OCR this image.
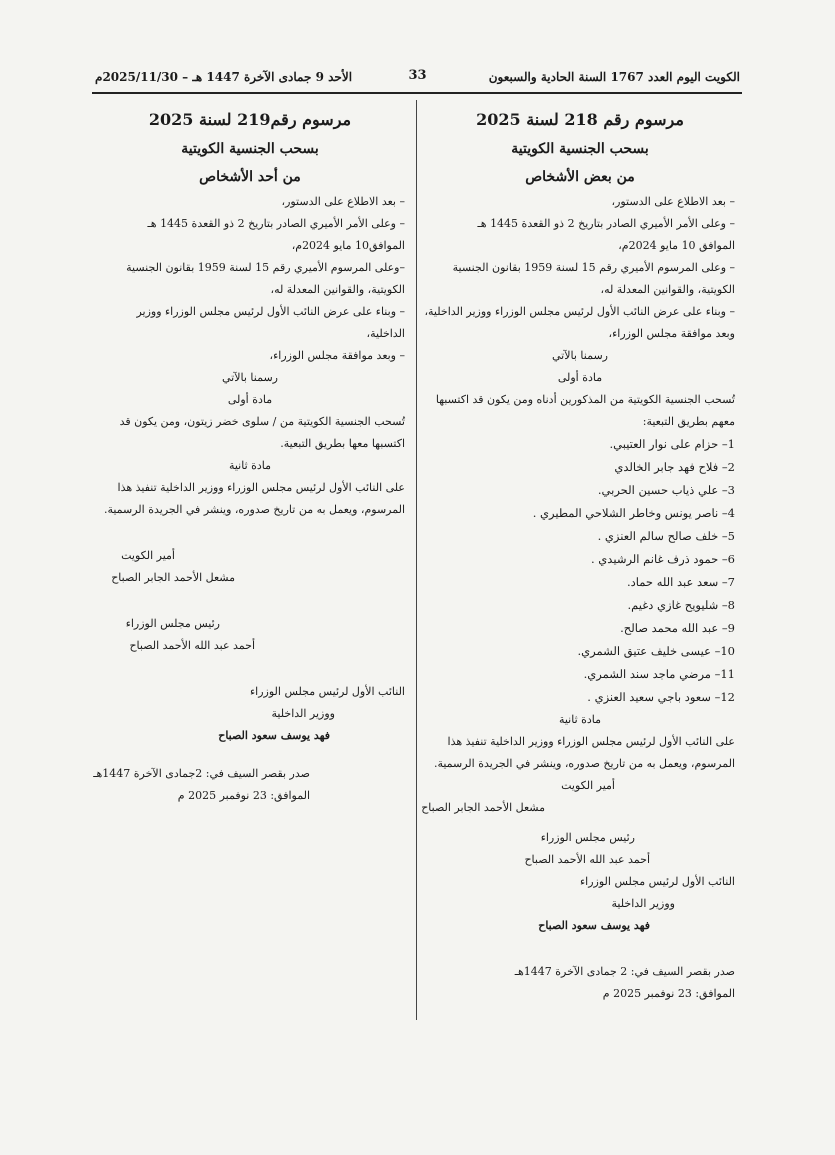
الكويت اليوم العدد 1767 السنة الحادية والسبعون
33
الأحد 9 جمادى الآخرة 1447 هـ – 2025/11/30م
مرسوم رقم 218 لسنة 2025
بسحب الجنسية الكويتية
من بعض الأشخاص
– بعد الاطلاع على الدستور،
– وعلى الأمر الأميري الصادر بتاريخ 2 ذو القعدة 1445 هـ
الموافق 10 مايو 2024م،
– وعلى المرسوم الأميري رقم 15 لسنة 1959 بقانون الجنسية
الكويتية، والقوانين المعدلة له،
– وبناء على عرض النائب الأول لرئيس مجلس الوزراء ووزير الداخلية،
وبعد موافقة مجلس الوزراء،
رسمنا بالآتي
مادة أولى
تُسحب الجنسية الكويتية من المذكورين أدناه ومن يكون قد اكتسبها
معهم بطريق التبعية:
1– حزام على نوار العتيبي.
2– فلاح فهد جابر الخالدي
3– علي ذياب حسين الحربي.
4– ناصر يونس وخاطر الشلاحي المطيري .
5– خلف صالح سالم العنزي .
6– حمود ذرف غانم الرشيدي .
7– سعد عبد الله حماد.
8– شليويح غازي دغيم.
9– عبد الله محمد صالح.
10– عيسى خليف عتيق الشمري.
11– مرضي ماجد سند الشمري.
12– سعود باجي سعيد العنزي .
مادة ثانية
على النائب الأول لرئيس مجلس الوزراء ووزير الداخلية تنفيذ هذا
المرسوم، ويعمل به من تاريخ صدوره، وينشر في الجريدة الرسمية.
أمير الكويت
مشعل الأحمد الجابر الصباح
رئيس مجلس الوزراء
أحمد عبد الله الأحمد الصباح
النائب الأول لرئيس مجلس الوزراء
ووزير الداخلية
فهد يوسف سعود الصباح
صدر بقصر السيف في: 2 جمادى الآخرة 1447هـ
الموافق: 23 نوفمبر 2025 م
مرسوم رقم219 لسنة 2025
بسحب الجنسية الكويتية
من أحد الأشخاص
– بعد الاطلاع على الدستور،
– وعلى الأمر الأميري الصادر بتاريخ 2 ذو القعدة 1445 هـ
الموافق10 مايو 2024م،
–وعلى المرسوم الأميري رقم 15 لسنة 1959 بقانون الجنسية
الكويتية، والقوانين المعدلة له،
– وبناء على عرض النائب الأول لرئيس مجلس الوزراء ووزير
الداخلية،
– وبعد موافقة مجلس الوزراء،
رسمنا بالآتي
مادة أولى
تُسحب الجنسية الكويتية من / سلوى خضر زيتون، ومن يكون قد
اكتسبها معها بطريق التبعية.
مادة ثانية
على النائب الأول لرئيس مجلس الوزراء ووزير الداخلية تنفيذ هذا
المرسوم، ويعمل به من تاريخ صدوره، وينشر في الجريدة الرسمية.
أمير الكويت
مشعل الأحمد الجابر الصباح
رئيس مجلس الوزراء
أحمد عبد الله الأحمد الصباح
النائب الأول لرئيس مجلس الوزراء
ووزير الداخلية
فهد يوسف سعود الصباح
صدر بقصر السيف في: 2جمادى الآخرة 1447هـ
الموافق: 23 نوفمبر 2025 م
